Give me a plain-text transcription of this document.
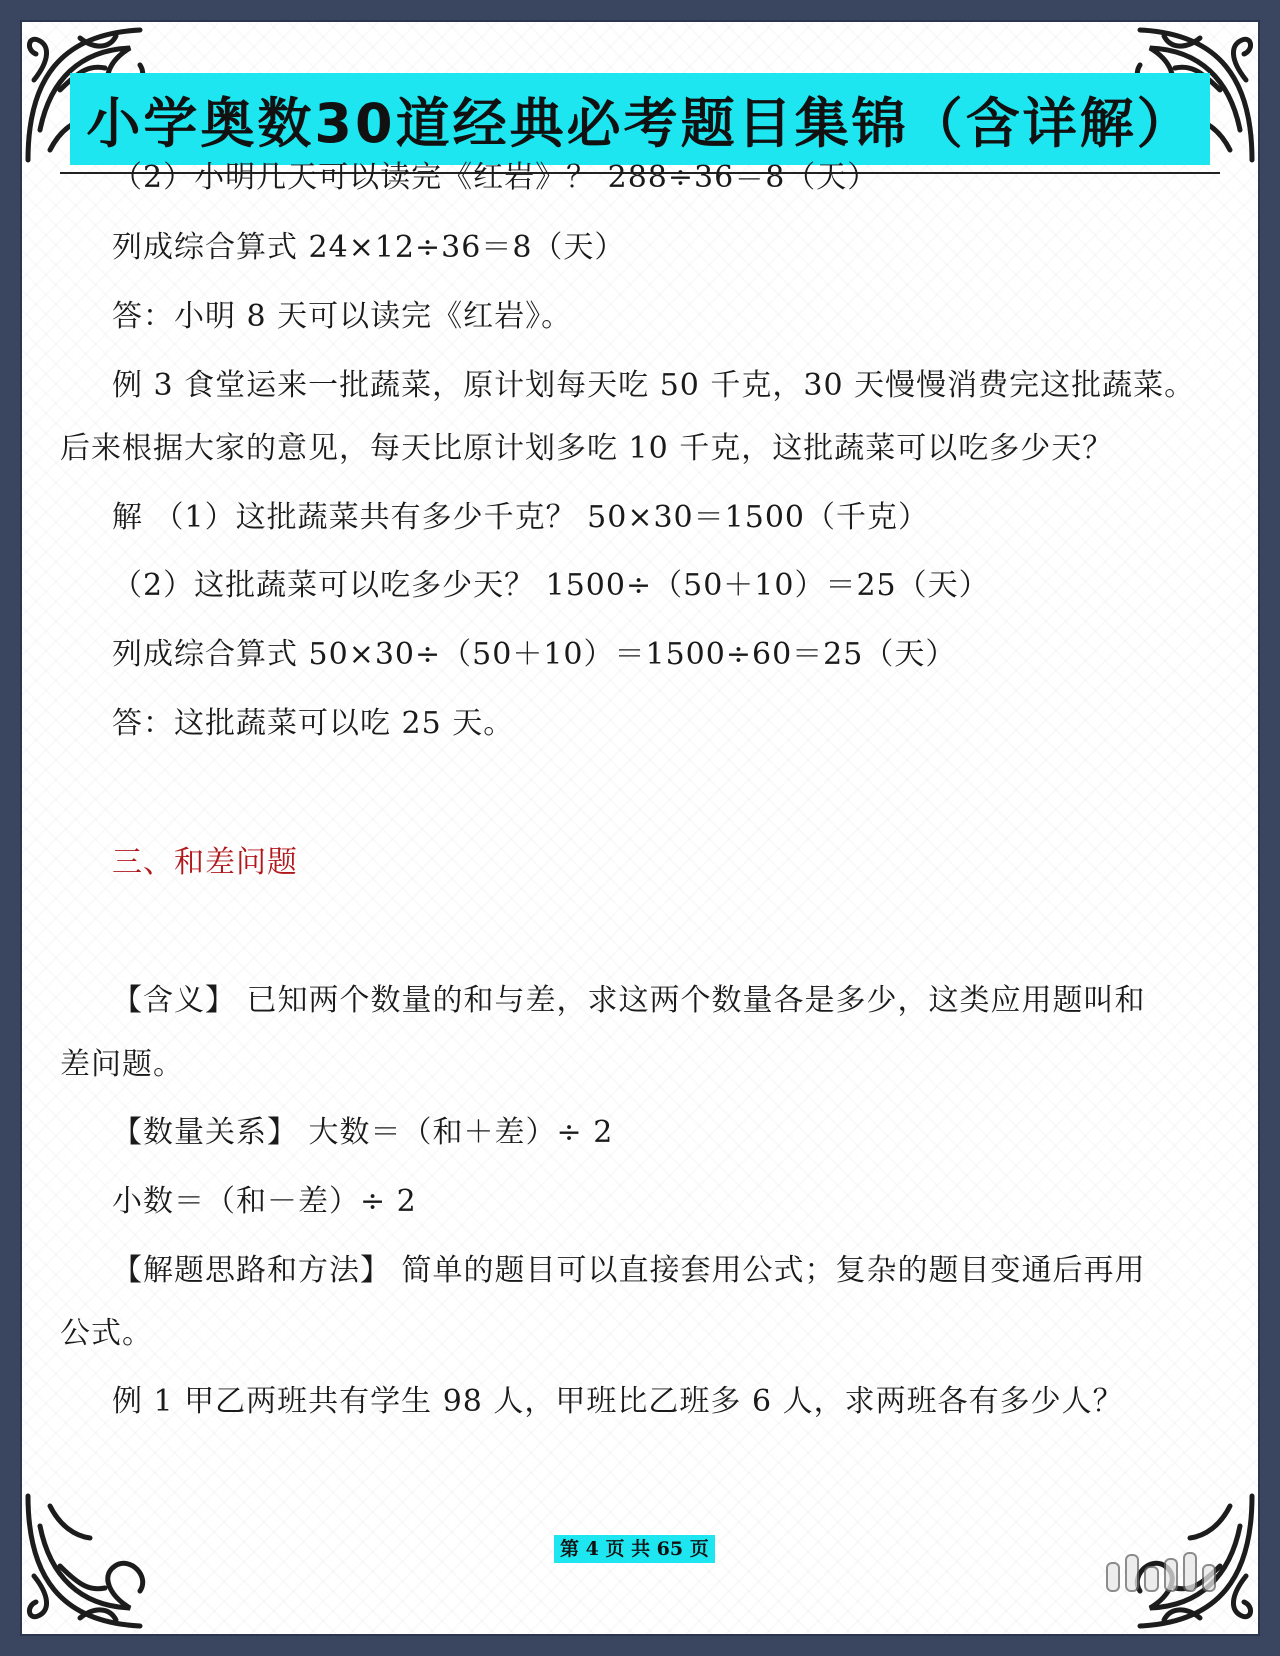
小学奥数30道经典必考题目集锦（含详解）
（2）小明几天可以读完《红岩》？ 288÷36＝8（天）
列成综合算式 24×12÷36＝8（天）
答：小明 8 天可以读完《红岩》。
例 3 食堂运来一批蔬菜，原计划每天吃 50 千克，30 天慢慢消费完这批蔬菜。
后来根据大家的意见，每天比原计划多吃 10 千克，这批蔬菜可以吃多少天？
解 （1）这批蔬菜共有多少千克？ 50×30＝1500（千克）
（2）这批蔬菜可以吃多少天？ 1500÷（50＋10）＝25（天）
列成综合算式 50×30÷（50＋10）＝1500÷60＝25（天）
答：这批蔬菜可以吃 25 天。
三、和差问题
【含义】 已知两个数量的和与差，求这两个数量各是多少，这类应用题叫和
差问题。
【数量关系】 大数＝（和＋差）÷ 2
小数＝（和－差）÷ 2
【解题思路和方法】 简单的题目可以直接套用公式；复杂的题目变通后再用
公式。
例 1 甲乙两班共有学生 98 人，甲班比乙班多 6 人，求两班各有多少人？
第 4 页 共 65 页
